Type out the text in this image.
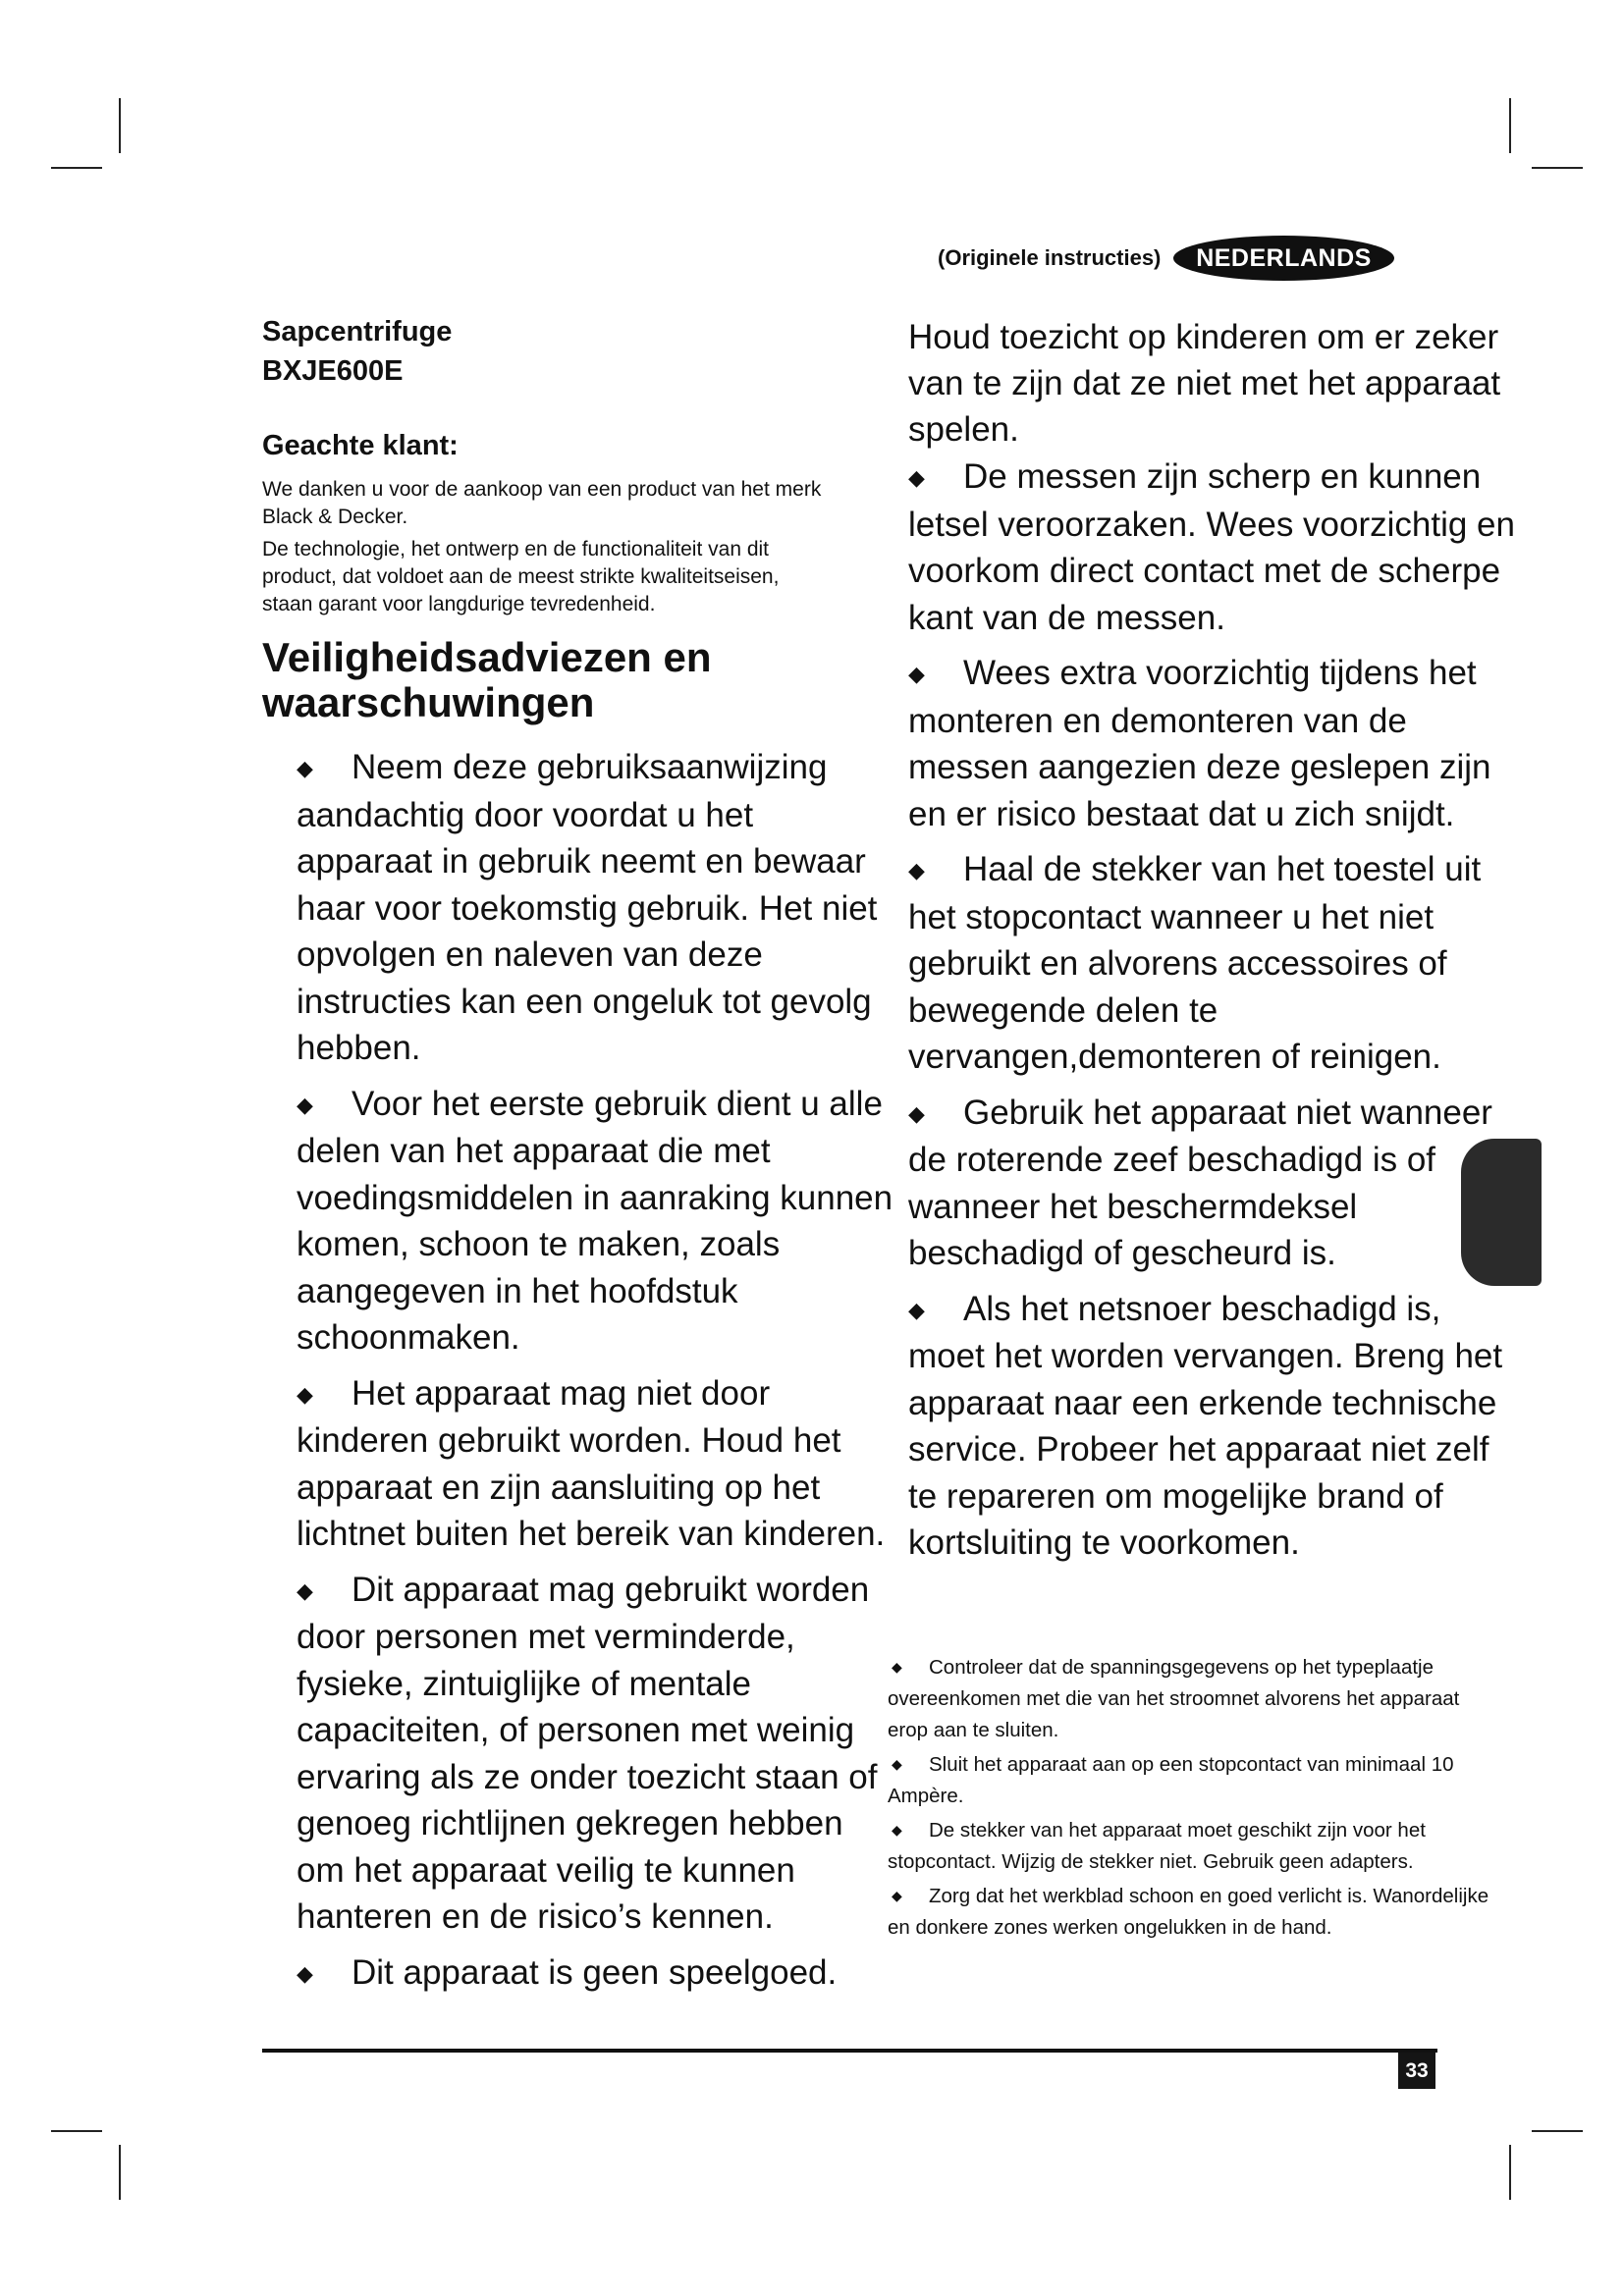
(Originele instructies)	NEDERLANDS
Sapcentrifuge
BXJE600E
Geachte klant:

We danken u voor de aankoop van een product van het merk Black & Decker.

De technologie, het ontwerp en de functionaliteit van dit product, dat voldoet aan de meest strikte kwaliteitseisen, staan garant voor langdurige tevredenheid.

Veiligheidsadviezen en waarschuwingen
◆ Neem deze gebruiksaanwijzing aandachtig door voordat u het apparaat in gebruik neemt en bewaar haar voor toekomstig gebruik. Het niet opvolgen en naleven van deze instructies kan een ongeluk tot gevolg hebben.
◆ Voor het eerste gebruik dient u alle delen van het apparaat die met voedingsmiddelen in aanraking kunnen komen, schoon te maken, zoals aangegeven in het hoofdstuk schoonmaken.
◆ Het apparaat mag niet door kinderen gebruikt worden. Houd het apparaat en zijn aansluiting op het lichtnet buiten het bereik van kinderen.
◆ Dit apparaat mag gebruikt worden door personen met verminderde, fysieke, zintuiglijke of mentale capaciteiten, of personen met weinig ervaring als ze onder toezicht staan of genoeg richtlijnen gekregen hebben om het apparaat veilig te kunnen hanteren en de risico’s kennen.
◆ Dit apparaat is geen speelgoed.
Houd toezicht op kinderen om er zeker van te zijn dat ze niet met het apparaat spelen.
◆ De messen zijn scherp en kunnen letsel veroorzaken. Wees voorzichtig en voorkom direct contact met de scherpe kant van de messen.
◆ Wees extra voorzichtig tijdens het monteren en demonteren van de messen aangezien deze geslepen zijn en er risico bestaat dat u zich snijdt.
◆ Haal de stekker van het toestel uit het stopcontact wanneer u het niet gebruikt en alvorens accessoires of bewegende delen te vervangen,demonteren of reinigen.
◆ Gebruik het apparaat niet wanneer de roterende zeef beschadigd is of wanneer het beschermdeksel beschadigd of gescheurd is.
◆ Als het netsnoer beschadigd is, moet het worden vervangen. Breng het apparaat naar een erkende technische service. Probeer het apparaat niet zelf te repareren om mogelijke brand of kortsluiting te voorkomen.
◆ Controleer dat de spanningsgegevens op het typeplaatje overeenkomen met die van het stroomnet alvorens het apparaat erop aan te sluiten.
◆ Sluit het apparaat aan op een stopcontact van minimaal 10 Ampère.
◆ De stekker van het apparaat moet geschikt zijn voor het stopcontact. Wijzig de stekker niet. Gebruik geen adapters.
◆ Zorg dat het werkblad schoon en goed verlicht is. Wanordelijke en donkere zones werken ongelukken in de hand.
33
